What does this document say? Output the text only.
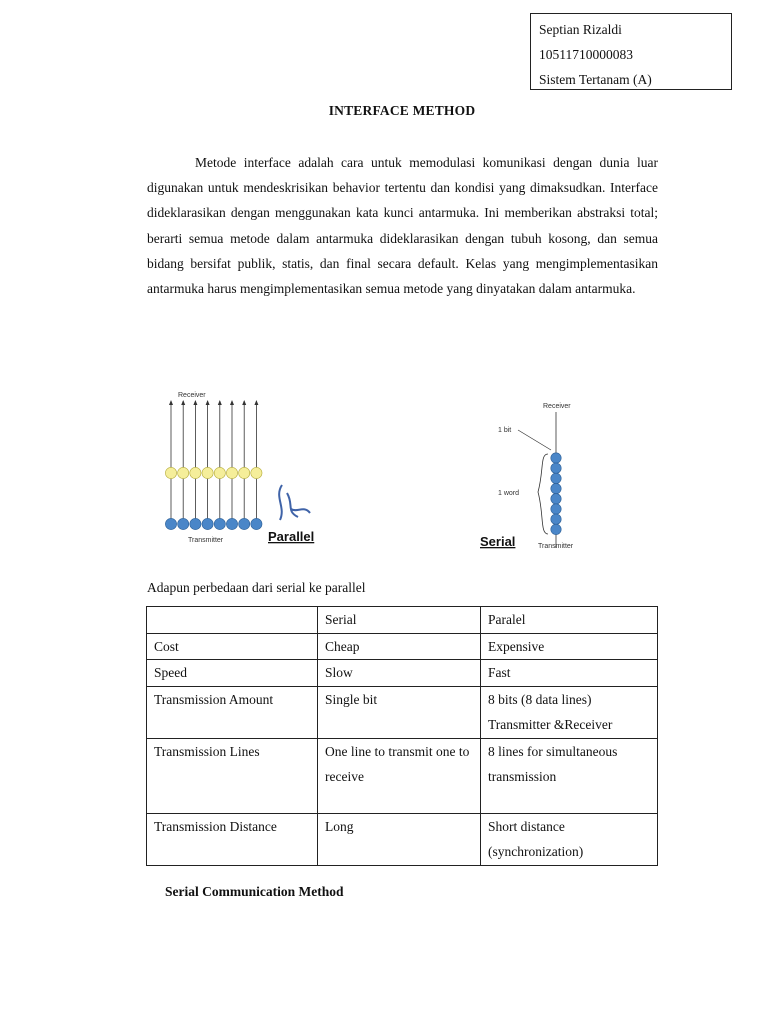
Septian Rizaldi
10511710000083
Sistem Tertanam (A)
INTERFACE METHOD
Metode interface adalah cara untuk memodulasi komunikasi dengan dunia luar digunakan untuk mendeskrisikan behavior tertentu dan kondisi yang dimaksudkan. Interface dideklarasikan dengan menggunakan kata kunci antarmuka. Ini memberikan abstraksi total; berarti semua metode dalam antarmuka dideklarasikan dengan tubuh kosong, dan semua bidang bersifat publik, statis, dan final secara default. Kelas yang mengimplementasikan antarmuka harus mengimplementasikan semua metode yang dinyatakan dalam antarmuka.
Receiver
Transmitter	Parallel
Receiver
1 bit
1 word
Transmitter
Serial
Adapun perbedaan dari serial ke parallel
	Serial	Paralel
Cost	Cheap	Expensive
Speed	Slow	Fast
Transmission Amount	Single bit	8 bits (8 data lines) Transmitter &Receiver
Transmission Lines	One line to transmit one to receive	8 lines for simultaneous transmission
Transmission Distance	Long	Short distance (synchronization)
Serial Communication Method
